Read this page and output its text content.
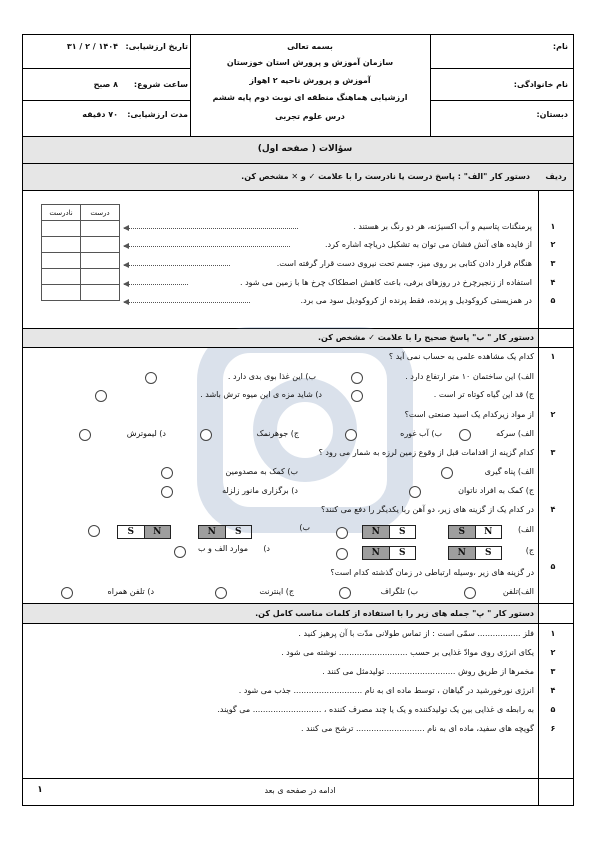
نام:
نام خانوادگی:
دبستان:
بسمه تعالی
سازمان آموزش و پرورش استان خوزستان
آموزش و پرورش ناحیه ۲ اهواز
ارزشیابی هماهنگ منطقه ای نوبت دوم پایه ششم
درس علوم تجربی
تاریخ ارزشیابی:
۱۴۰۴ / ۲ / ۳۱
ساعت شروع:
۸ صبح
مدت ارزشیابی:
۷۰ دقیقه
سؤالات ( صفحه اول)
ردیف
دستور کار "الف" : پاسخ درست یا نادرست را با علامت ✓ و ✕ مشخص کن.
نادرست	درست

۱
پرمنگنات پتاسیم و آب اکسیژنه، هر دو رنگ بر هستند .
۲
از فایده های آتش فشان می توان به تشکیل دریاچه اشاره کرد.
۳
هنگام قرار دادن کتابی بر روی میز، جسم تحت نیروی دست قرار گرفته است.
۴
استفاده از زنجیرچرخ در روزهای برفی، باعث کاهش اصطکاک چرخ ها با زمین می شود .
۵
در همزیستی کروکودیل و پرنده، فقط پرنده از کروکودیل سود می برد.
دستور کار " ب" پاسخ صحیح را با علامت ✓ مشخص کن.
۱
کدام یک مشاهده علمی به حساب نمی آید ؟
الف) این ساختمان ۱۰ متر ارتفاع دارد .
ب) این غذا بوی بدی دارد .
ج) قد این گیاه کوتاه تر است .
د) شاید مزه ی این میوه ترش باشد .
۲
از مواد زیرکدام یک اسید صنعتی است؟
الف) سرکه
ب) آب غوره
ج) جوهرنمک
د) لیموترش
۳
کدام گزینه از اقدامات قبل از وقوع زمین لرزه به شمار می رود ؟
الف) پناه گیری
ب) کمک به مصدومین
ج) کمک به افراد ناتوان
د) برگزاری مانور زلزله
۴
در کدام یک از گزینه های زیر، دو آهن ربا یکدیگر را دفع می کنند؟
الف)
S	N
N	S
ب)
N	S
S	N
ج)
N	S
N	S
د)
موارد الف و ب
۵
در گزینه های زیر ،وسیله ارتباطی در زمان گذشته کدام است؟
الف)تلفن
ب) تلگراف
ج) اینترنت
د) تلفن همراه
دستور کار " پ" جمله های زیر را با استفاده از کلمات مناسب کامل کن.
۱
فلز ................. سمّی است : از تماس طولانی مدّت با آن پرهیز کنید .
۲
یکای انرژی روی موادّ غذایی بر حسب ........................... نوشته می شود .
۳
مخمرها از طریق روش ........................... تولیدمثل می کنند .
۴
انرژی نورخورشید در گیاهان ، توسط ماده ای به نام ........................... جذب می شود .
۵
به رابطه ی غذایی بین یک تولیدکننده و یک یا چند مصرف کننده ، ........................... می گویند.
۶
گویچه های سفید، ماده ای به نام ........................... ترشح می کنند .
ادامه در صفحه ی بعد
۱
